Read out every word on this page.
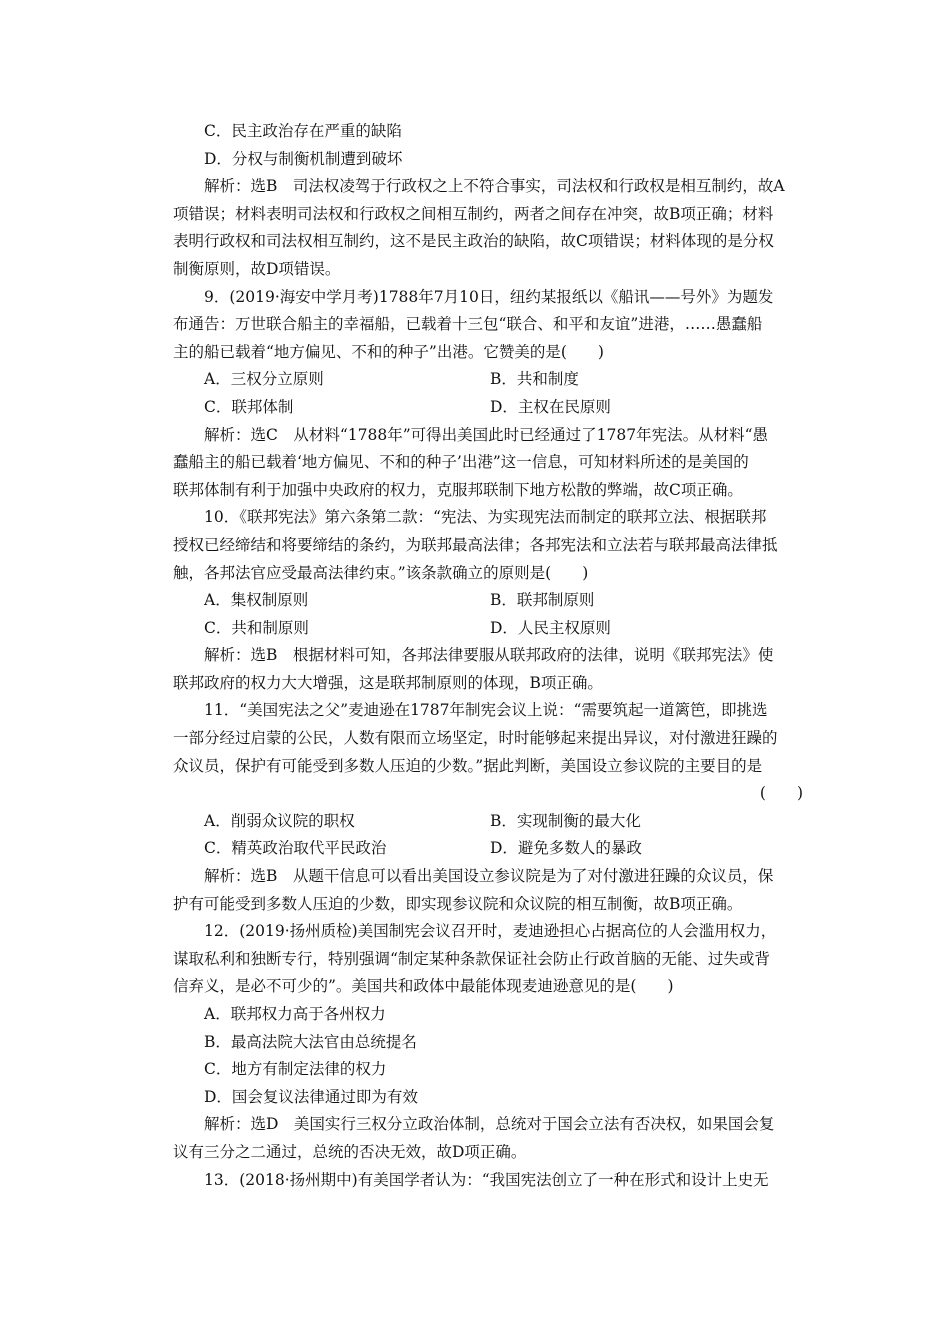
C．民主政治存在严重的缺陷
D．分权与制衡机制遭到破坏
解析：选B　司法权凌驾于行政权之上不符合事实，司法权和行政权是相互制约，故A
项错误；材料表明司法权和行政权之间相互制约，两者之间存在冲突，故B项正确；材料
表明行政权和司法权相互制约，这不是民主政治的缺陷，故C项错误；材料体现的是分权
制衡原则，故D项错误。
9．(2019·海安中学月考)1788年7月10日，纽约某报纸以《船讯——号外》为题发
布通告：万世联合船主的幸福船，已载着十三包“联合、和平和友谊”进港，……愚蠢船
主的船已载着“地方偏见、不和的种子”出港。它赞美的是(　　)
A．三权分立原则	B．共和制度
C．联邦体制	D．主权在民原则
解析：选C　从材料“1788年”可得出美国此时已经通过了1787年宪法。从材料“愚
蠢船主的船已载着‘地方偏见、不和的种子’出港”这一信息，可知材料所述的是美国的
联邦体制有利于加强中央政府的权力，克服邦联制下地方松散的弊端，故C项正确。
10．《联邦宪法》第六条第二款：“宪法、为实现宪法而制定的联邦立法、根据联邦
授权已经缔结和将要缔结的条约，为联邦最高法律；各邦宪法和立法若与联邦最高法律抵
触，各邦法官应受最高法律约束。”该条款确立的原则是(　　)
A．集权制原则	B．联邦制原则
C．共和制原则	D．人民主权原则
解析：选B　根据材料可知，各邦法律要服从联邦政府的法律，说明《联邦宪法》使
联邦政府的权力大大增强，这是联邦制原则的体现，B项正确。
11．“美国宪法之父”麦迪逊在1787年制宪会议上说：“需要筑起一道篱笆，即挑选
一部分经过启蒙的公民，人数有限而立场坚定，时时能够起来提出异议，对付激进狂躁的
众议员，保护有可能受到多数人压迫的少数。”据此判断，美国设立参议院的主要目的是
(　　)
A．削弱众议院的职权	B．实现制衡的最大化
C．精英政治取代平民政治	D．避免多数人的暴政
解析：选B　从题干信息可以看出美国设立参议院是为了对付激进狂躁的众议员，保
护有可能受到多数人压迫的少数，即实现参议院和众议院的相互制衡，故B项正确。
12．(2019·扬州质检)美国制宪会议召开时，麦迪逊担心占据高位的人会滥用权力，
谋取私利和独断专行，特别强调“制定某种条款保证社会防止行政首脑的无能、过失或背
信弃义，是必不可少的”。美国共和政体中最能体现麦迪逊意见的是(　　)
A．联邦权力高于各州权力
B．最高法院大法官由总统提名
C．地方有制定法律的权力
D．国会复议法律通过即为有效
解析：选D　美国实行三权分立政治体制，总统对于国会立法有否决权，如果国会复
议有三分之二通过，总统的否决无效，故D项正确。
13．(2018·扬州期中)有美国学者认为：“我国宪法创立了一种在形式和设计上史无
